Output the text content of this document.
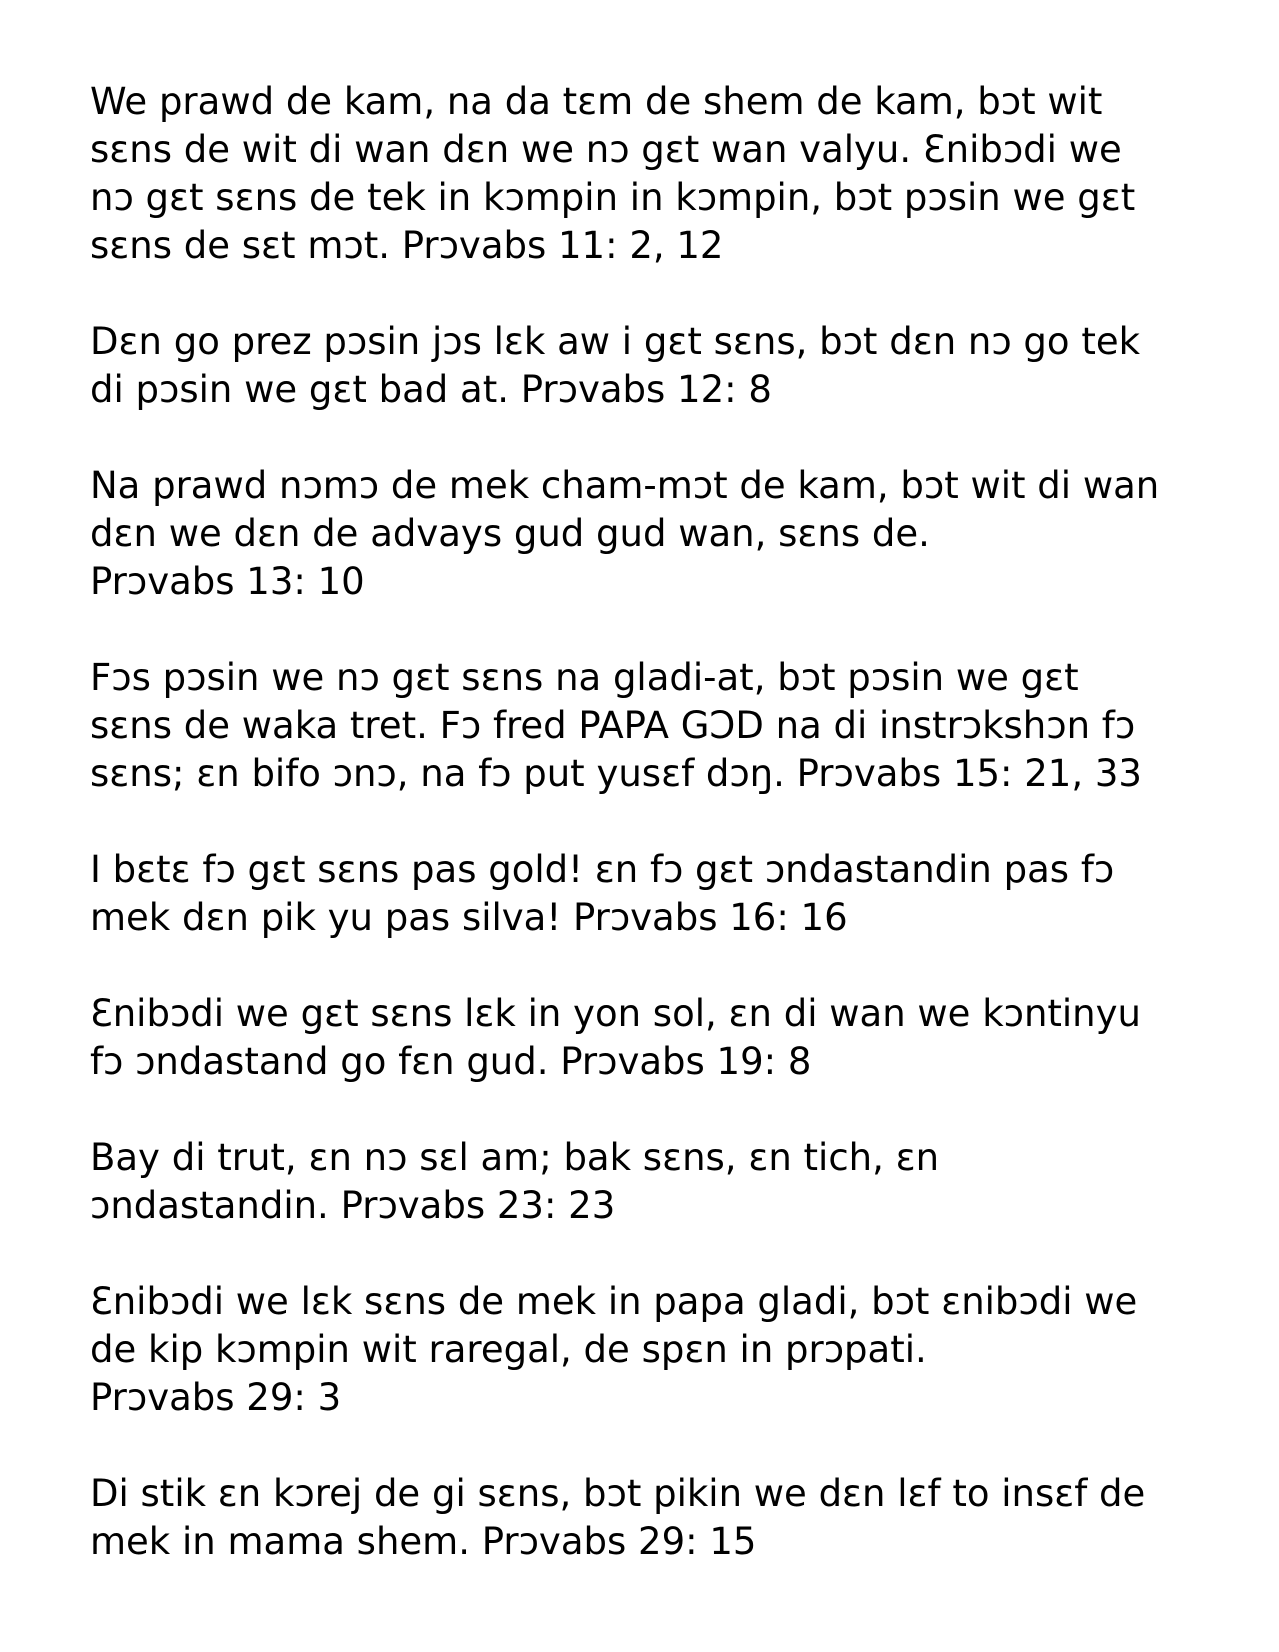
We prawd de kam, na da tɛm de shem de kam, bɔt wit
sɛns de wit di wan dɛn we nɔ gɛt wan valyu. Ɛnibɔdi we
nɔ gɛt sɛns de tek in kɔmpin in kɔmpin, bɔt pɔsin we gɛt
sɛns de sɛt mɔt. Prɔvabs 11: 2, 12

Dɛn go prez pɔsin jɔs lɛk aw i gɛt sɛns, bɔt dɛn nɔ go tek
di pɔsin we gɛt bad at. Prɔvabs 12: 8

Na prawd nɔmɔ de mek cham-mɔt de kam, bɔt wit di wan
dɛn we dɛn de advays gud gud wan, sɛns de.
Prɔvabs 13: 10

Fɔs pɔsin we nɔ gɛt sɛns na gladi-at, bɔt pɔsin we gɛt
sɛns de waka tret. Fɔ fred PAPA GƆD na di instrɔkshɔn fɔ
sɛns; ɛn bifo ɔnɔ, na fɔ put yusɛf dɔŋ. Prɔvabs 15: 21, 33

I bɛtɛ fɔ gɛt sɛns pas gold! ɛn fɔ gɛt ɔndastandin pas fɔ
mek dɛn pik yu pas silva! Prɔvabs 16: 16

Ɛnibɔdi we gɛt sɛns lɛk in yon sol, ɛn di wan we kɔntinyu
fɔ ɔndastand go fɛn gud. Prɔvabs 19: 8

Bay di trut, ɛn nɔ sɛl am; bak sɛns, ɛn tich, ɛn
ɔndastandin. Prɔvabs 23: 23

Ɛnibɔdi we lɛk sɛns de mek in papa gladi, bɔt ɛnibɔdi we
de kip kɔmpin wit raregal, de spɛn in prɔpati.
Prɔvabs 29: 3

Di stik ɛn kɔrej de gi sɛns, bɔt pikin we dɛn lɛf to insɛf de
mek in mama shem. Prɔvabs 29: 15
